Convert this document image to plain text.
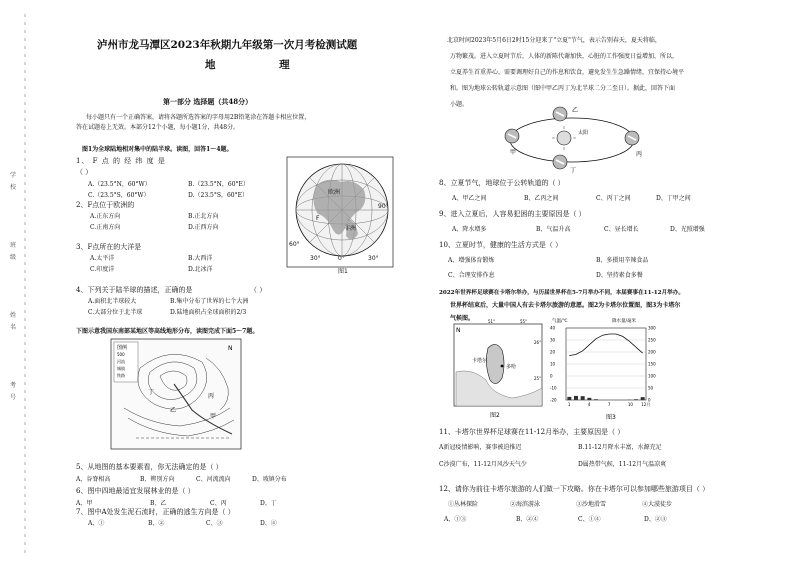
学
校
班
级
姓
名
考
号
泸州市龙马潭区2023年秋期九年级第一次月考检测试题
地 理
第一部分 选择题（共48分）
每小题只有一个正确答案，请将各题所选答案的字母用2B铅笔涂在答题卡相应位置，
答在试题卷上无效。本部分12个小题，每小题1分，共48分。
图1为全球陆地相对集中的陆半球。读图，回答1～4题。
1、 F 点 的 经 纬 度 是
（ ）
A.（23.5°N，60°W）	B.（23.5°N，60°E）
C.（23.5°S，60°W）	D.（23.5°S，60°E）
2、F点位于欧洲的
A.正东方向	B.正北方向
C.正南方向	D.正西方向
3、F点所在的大洋是
A.太平洋	B.大西洋
C.印度洋	D.北冰洋
4、下列关于陆半球的描述，正确的是	（ ）
A.面积北半球较大	B.集中分布了世界的七个大洲
C.大部分位于北半球	D.陆地面积占全球面积的2/3
下图示意我国东南部某地区等高线地形分布，读图完成下面5～7题。
欧 洲
非 洲
F
90°
60°
30°	0°	30°
图1
图例
500
河流
城镇
铁路
丁
乙
丙
甲
N
5、从地图的基本要素看，你无法确定的是（ ）
A、谷脊相高	B、辨别方向	C、河流流向	D、坡镇分布
6、图中四地最适宜发展林业的是（ ）
A、甲	B、乙	C、丙	D、丁
7、图中A处发生泥石流时，正确的逃生方向是（ ）
A、①	B、②	C、③	D、④
北京时间2023年5月6日2时15分迎来了"立夏"节气，表示告别春天，夏天将临，
万物繁茂。进入立夏时节后，人体的新陈代谢加快，心脏的工作强度日益增加，所以，
立夏养生首重养心，需要调理好自己的作息和饮食，避免发生生急躁情绪，宜保持心境平
和。图为地球公转轨道示意图（图中甲乙丙丁为北半球二分二至日）。据此，回答下面
小题。
太阳
甲
乙
丙
丁
8、立夏节气，地球位于公转轨道的（ ）
A、甲乙之间	B、乙丙之间	C、丙丁之间	D、丁甲之间
9、进入立夏后，人容易犯困的主要原因是（ ）
A、降水增多	B、气温升高	C、昼长增长	D、光照增强
10、立夏时节，健康的生活方式是（ ）
A、增强体育锻炼	B、多摄用辛辣食品
C、合理安排作息	D、坚持素食多餐
2022年世界杯足球赛在卡塔尔举办，与历届世界杯在5-7月举办不同，本届赛事在11-12月举办。
世界杯结束后，大量中国人有去卡塔尔旅游的意愿。图2为卡塔尔位置图，图3为卡塔尔
气候图。
N
51°	55°
26°
25°
卡塔尔
多哈
图2
气温/℃	降水量/毫米
40
30
20
10
0
-10
-20
300
250
200
150
100
50
0
1	4	7	10 12月
图3
11、卡塔尔世界杯足球赛在11-12月举办，主要原因是（ ）
A新冠疫情影响，赛事被迫推迟	B.11-12月降水丰富，水源充足
C沙漠广布，11-12月风沙天气少	D属热带气候，11-12月气温凉爽
12、请你为前往卡塔尔旅游的人们做一下攻略。你在卡塔尔可以参加哪些旅游项目（ ）
①丛林探险	②海滨游泳	③沙地滑雪	④大漠徒步
A、①③	B、②④	C、①④	D、②③
